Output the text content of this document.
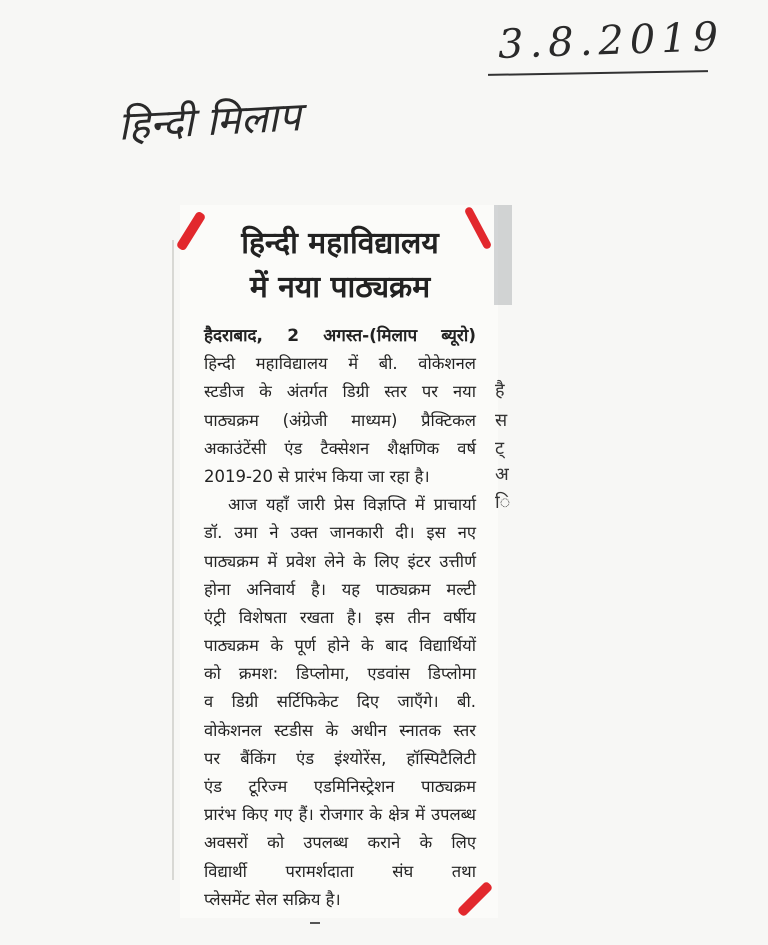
3.8.2019
हिन्दी मिलाप
है
स
ट्
अ
ि
हिन्दी महाविद्यालय
में नया पाठ्यक्रम
हैदराबाद, 2 अगस्त-(मिलाप ब्यूरो)
हिन्दी महाविद्यालय में बी. वोकेशनल
स्टडीज के अंतर्गत डिग्री स्तर पर नया
पाठ्यक्रम (अंग्रेजी माध्यम) प्रैक्टिकल
अकाउंटेंसी एंड टैक्सेशन शैक्षणिक वर्ष
2019-20 से प्रारंभ किया जा रहा है।
आज यहाँ जारी प्रेस विज्ञप्ति में प्राचार्या
डॉ. उमा ने उक्त जानकारी दी। इस नए
पाठ्यक्रम में प्रवेश लेने के लिए इंटर उत्तीर्ण
होना अनिवार्य है। यह पाठ्यक्रम मल्टी
एंट्री विशेषता रखता है। इस तीन वर्षीय
पाठ्यक्रम के पूर्ण होने के बाद विद्यार्थियों
को क्रमश: डिप्लोमा, एडवांस डिप्लोमा
व डिग्री सर्टिफिकेट दिए जाएँगे। बी.
वोकेशनल स्टडीस के अधीन स्नातक स्तर
पर बैंकिंग एंड इंश्योरेंस, हॉस्पिटैलिटी
एंड टूरिज्म एडमिनिस्ट्रेशन पाठ्यक्रम
प्रारंभ किए गए हैं। रोजगार के क्षेत्र में उपलब्ध
अवसरों को उपलब्ध कराने के लिए
विद्यार्थी परामर्शदाता संघ तथा
प्लेसमेंट सेल सक्रिय है।
